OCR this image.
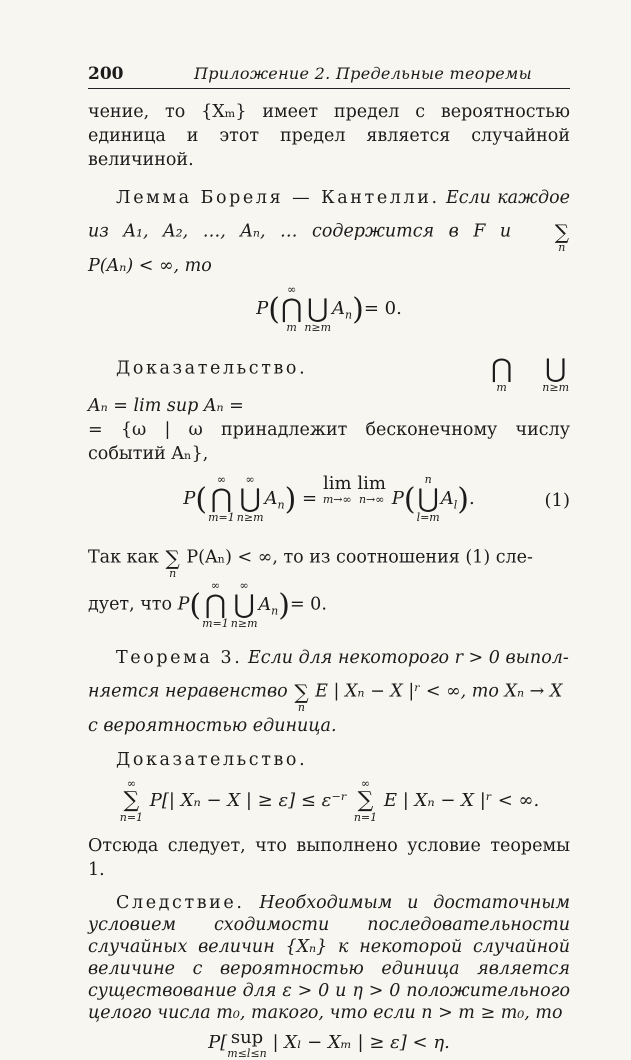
200	Приложение 2. Предельные теоремы

чение, то {Xₘ} имеет предел с вероятностью единица и этот предел является случайной величиной.

Лемма Бореля — Кантелли. Если каждое из A₁, A₂, …, Aₙ, … содержится в F и	∑
n
P(Aₙ) < ∞, то

P(
∞
⋂
m
⋃
n≥m
$A_n)= 0$.

Доказательство.	⋂
m
⋃
n≥m
Aₙ = lim sup Aₙ =

= {ω | ω принадлежит бесконечному числу событий Aₙ},

P(
∞
⋂
m=1
∞
⋃
n≥m
$A_n$) =
lim
m→∞

lim
n→∞ P(
n
⋃
l=m
$A_l$).	(1)

Так как ∑
n
P(Aₙ) < ∞, то из соотношения (1) сле-

дует, что P(
∞
⋂
m=1
∞
⋃
n≥m
$A_n)= 0$.

Теорема 3. Если для некоторого r > 0 выпол-

няется неравенство ∑
n
E | Xₙ − X |ʳ < ∞, то Xₙ → X

с вероятностью единица.

Доказательство.

∞
∑
n=1
P[| Xₙ − X | ≥ ε] ≤ ε⁻ʳ
∞
∑
n=1
E | Xₙ − X |ʳ < ∞.

Отсюда следует, что выполнено условие теоремы 1.

Следствие. Необходимым и достаточным условием сходимости последовательности случайных величин {Xₙ} к некоторой случайной величине с вероятностью единица является существование для ε > 0 и η > 0 положительного целого числа m₀, такого, что если n > m ≥ m₀, то

P[ sup
m≤l≤n
| Xₗ − Xₘ | ≥ ε] < η.
